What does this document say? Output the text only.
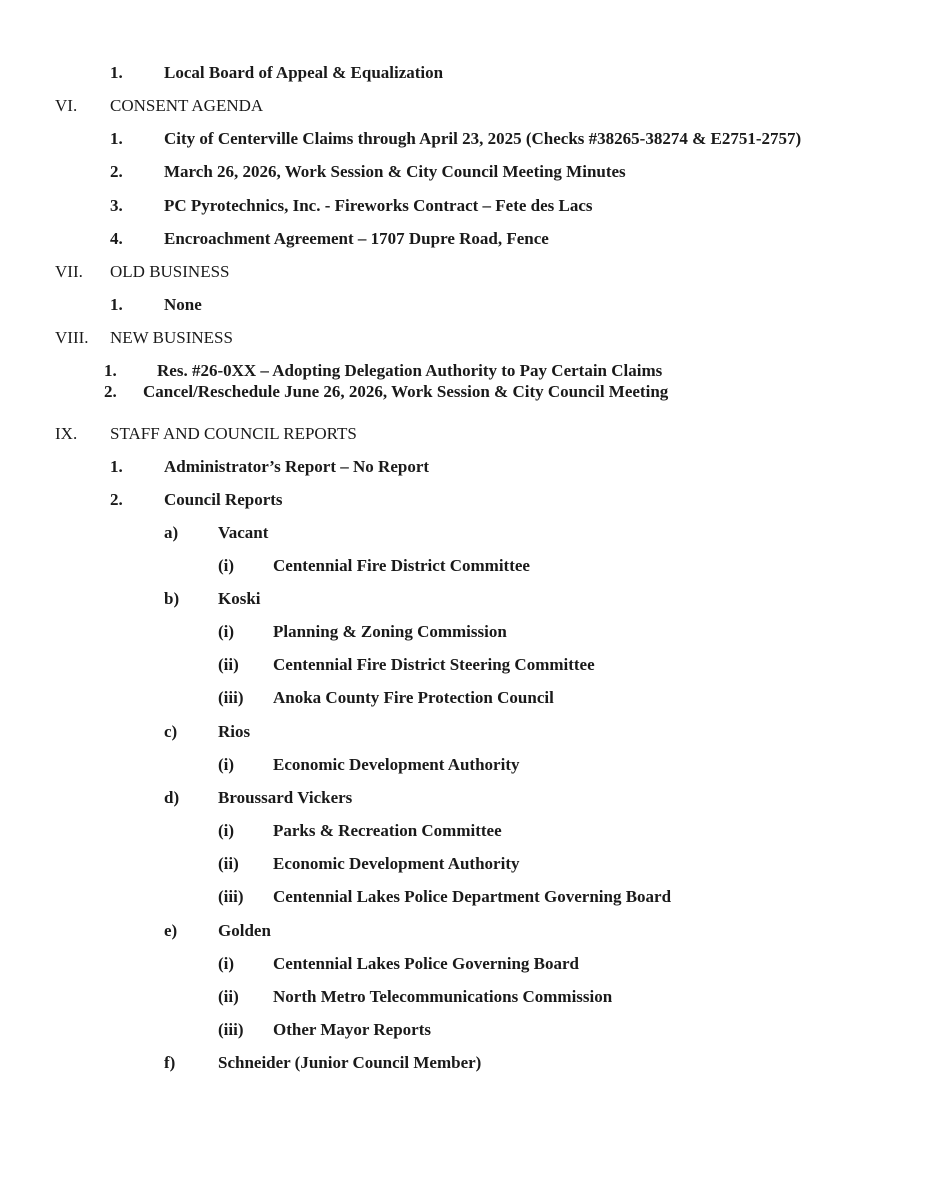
1. Local Board of Appeal & Equalization
VI. CONSENT AGENDA
1. City of Centerville Claims through April 23, 2025 (Checks #38265-38274 & E2751-2757)
2. March 26, 2026, Work Session & City Council Meeting Minutes
3. PC Pyrotechnics, Inc. - Fireworks Contract – Fete des Lacs
4. Encroachment Agreement – 1707 Dupre Road, Fence
VII. OLD BUSINESS
1. None
VIII. NEW BUSINESS
1. Res. #26-0XX – Adopting Delegation Authority to Pay Certain Claims
2. Cancel/Reschedule June 26, 2026, Work Session & City Council Meeting
IX. STAFF AND COUNCIL REPORTS
1. Administrator’s Report – No Report
2. Council Reports
a) Vacant
(i) Centennial Fire District Committee
b) Koski
(i) Planning & Zoning Commission
(ii) Centennial Fire District Steering Committee
(iii) Anoka County Fire Protection Council
c) Rios
(i) Economic Development Authority
d) Broussard Vickers
(i) Parks & Recreation Committee
(ii) Economic Development Authority
(iii) Centennial Lakes Police Department Governing Board
e) Golden
(i) Centennial Lakes Police Governing Board
(ii) North Metro Telecommunications Commission
(iii) Other Mayor Reports
f)	Schneider (Junior Council Member)
